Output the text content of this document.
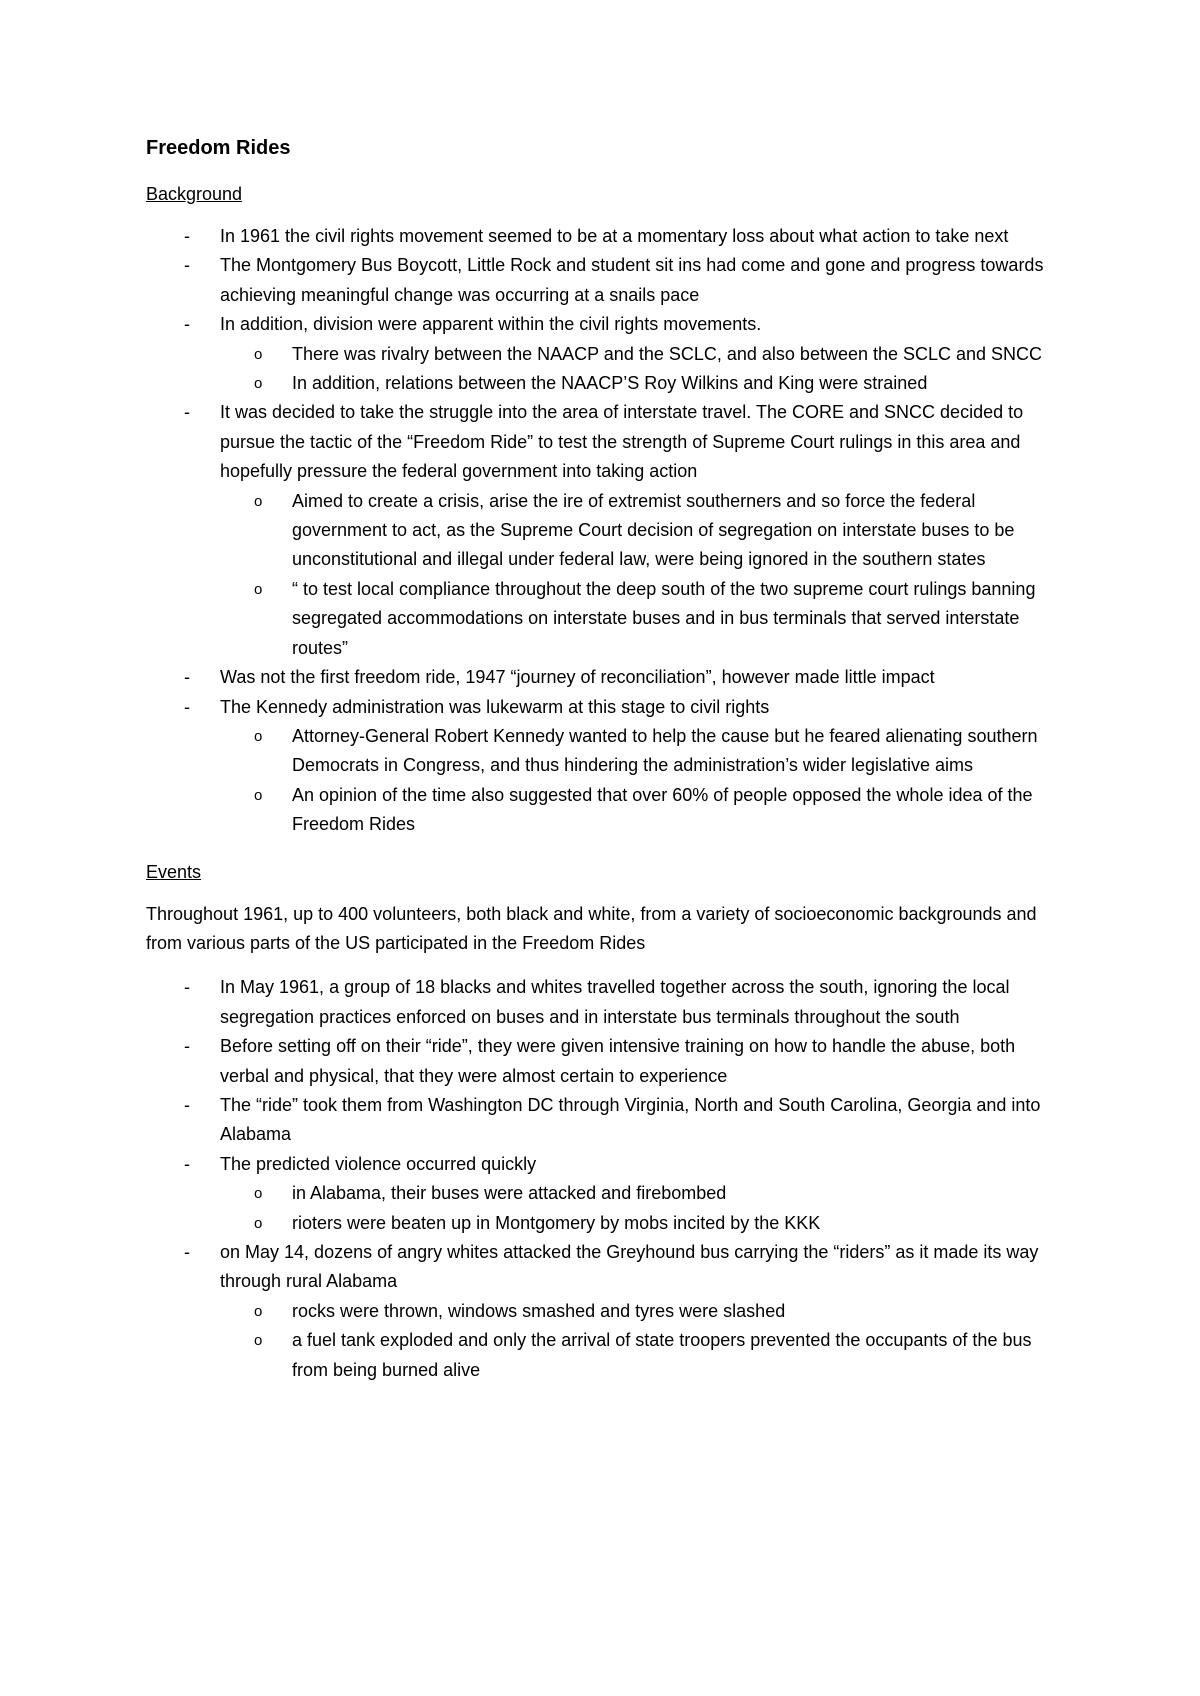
Freedom Rides
Background
- In 1961 the civil rights movement seemed to be at a momentary loss about what action to take next
- The Montgomery Bus Boycott, Little Rock and student sit ins had come and gone and progress towards achieving meaningful change was occurring at a snails pace
- In addition, division were apparent within the civil rights movements.
o There was rivalry between the NAACP and the SCLC, and also between the SCLC and SNCC
o In addition, relations between the NAACP’S Roy Wilkins and King were strained
- It was decided to take the struggle into the area of interstate travel. The CORE and SNCC decided to pursue the tactic of the “Freedom Ride” to test the strength of Supreme Court rulings in this area and hopefully pressure the federal government into taking action
o Aimed to create a crisis, arise the ire of extremist southerners and so force the federal government to act, as the Supreme Court decision of segregation on interstate buses to be unconstitutional and illegal under federal law, were being ignored in the southern states
o “ to test local compliance throughout the deep south of the two supreme court rulings banning segregated accommodations on interstate buses and in bus terminals that served interstate routes”
- Was not the first freedom ride, 1947 “journey of reconciliation”, however made little impact
- The Kennedy administration was lukewarm at this stage to civil rights
o Attorney-General Robert Kennedy wanted to help the cause but he feared alienating southern Democrats in Congress, and thus hindering the administration’s wider legislative aims
o An opinion of the time also suggested that over 60% of people opposed the whole idea of the Freedom Rides
Events
Throughout 1961, up to 400 volunteers, both black and white, from a variety of socioeconomic backgrounds and from various parts of the US participated in the Freedom Rides
- In May 1961, a group of 18 blacks and whites travelled together across the south, ignoring the local segregation practices enforced on buses and in interstate bus terminals throughout the south
- Before setting off on their “ride”, they were given intensive training on how to handle the abuse, both verbal and physical, that they were almost certain to experience
- The “ride” took them from Washington DC through Virginia, North and South Carolina, Georgia and into Alabama
- The predicted violence occurred quickly
o in Alabama, their buses were attacked and firebombed
o rioters were beaten up in Montgomery by mobs incited by the KKK
- on May 14, dozens of angry whites attacked the Greyhound bus carrying the “riders” as it made its way through rural Alabama
o rocks were thrown, windows smashed and tyres were slashed
o a fuel tank exploded and only the arrival of state troopers prevented the occupants of the bus from being burned alive
